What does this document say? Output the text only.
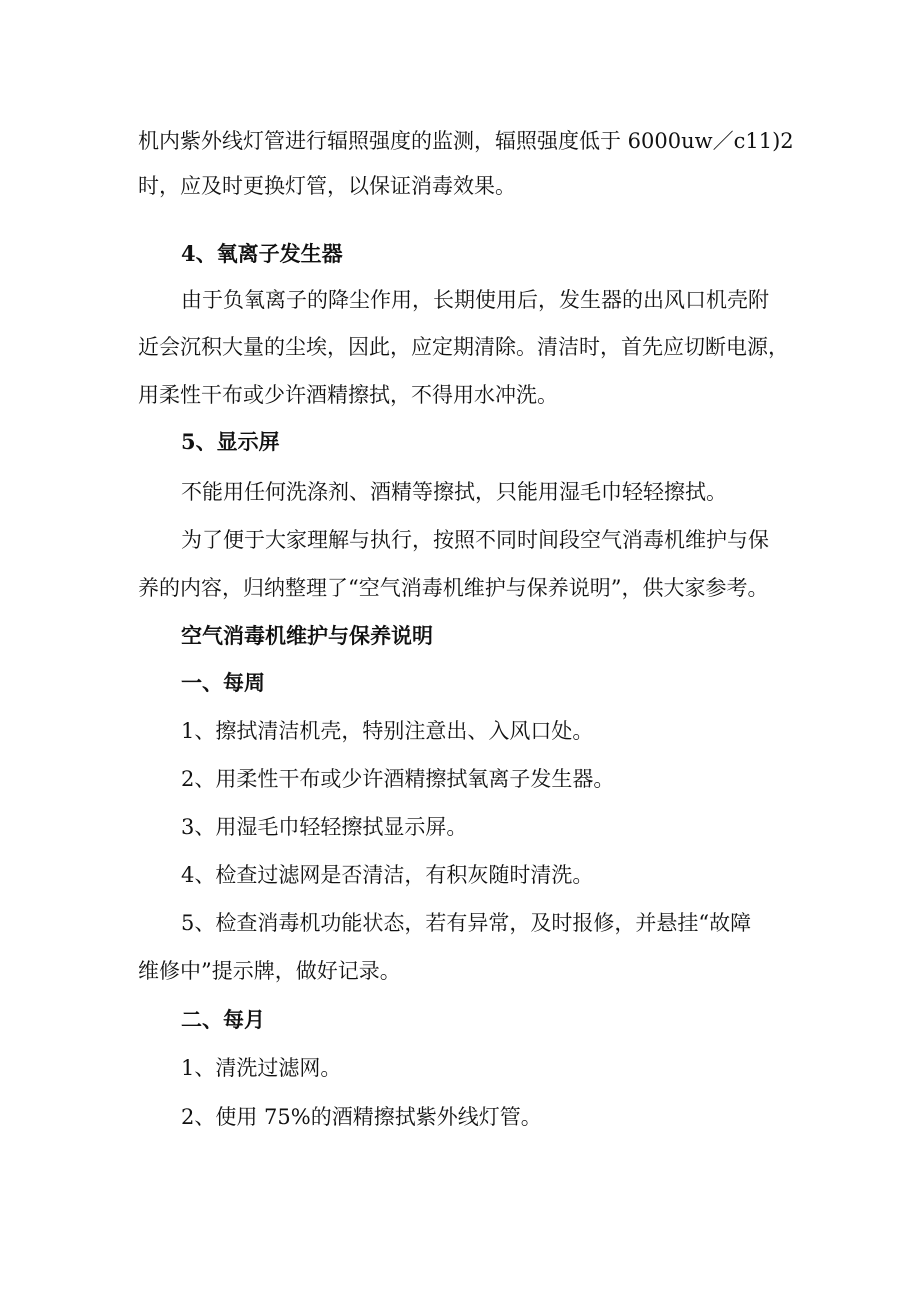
机内紫外线灯管进行辐照强度的监测，辐照强度低于 6000uw／c11)2
时，应及时更换灯管，以保证消毒效果。
4、氧离子发生器
由于负氧离子的降尘作用，长期使用后，发生器的出风口机壳附
近会沉积大量的尘埃，因此，应定期清除。清洁时，首先应切断电源，
用柔性干布或少许酒精擦拭，不得用水冲洗。
5、显示屏
不能用任何洗涤剂、酒精等擦拭，只能用湿毛巾轻轻擦拭。
为了便于大家理解与执行，按照不同时间段空气消毒机维护与保
养的内容，归纳整理了“空气消毒机维护与保养说明”，供大家参考。
空气消毒机维护与保养说明
一、每周
1、擦拭清洁机壳，特别注意出、入风口处。
2、用柔性干布或少许酒精擦拭氧离子发生器。
3、用湿毛巾轻轻擦拭显示屏。
4、检查过滤网是否清洁，有积灰随时清洗。
5、检查消毒机功能状态，若有异常，及时报修，并悬挂“故障
维修中”提示牌，做好记录。
二、每月
1、清洗过滤网。
2、使用 75%的酒精擦拭紫外线灯管。
